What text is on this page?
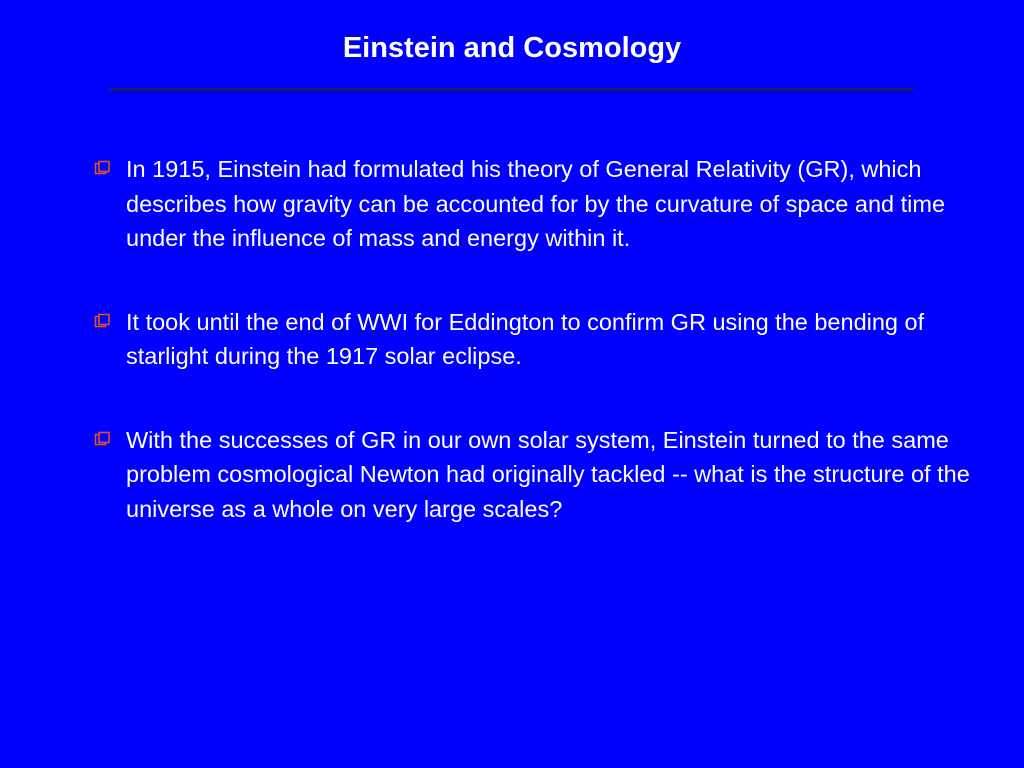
Einstein and Cosmology
In 1915, Einstein had formulated his theory of General Relativity (GR), which describes how gravity can be accounted for by the curvature of space and time under the influence of mass and energy within it.
It took until the end of WWI for Eddington to confirm GR using the bending of starlight during the 1917 solar eclipse.
With the successes of GR in our own solar system, Einstein turned to the same problem cosmological Newton had originally tackled -- what is the structure of the universe as a whole on very large scales?
